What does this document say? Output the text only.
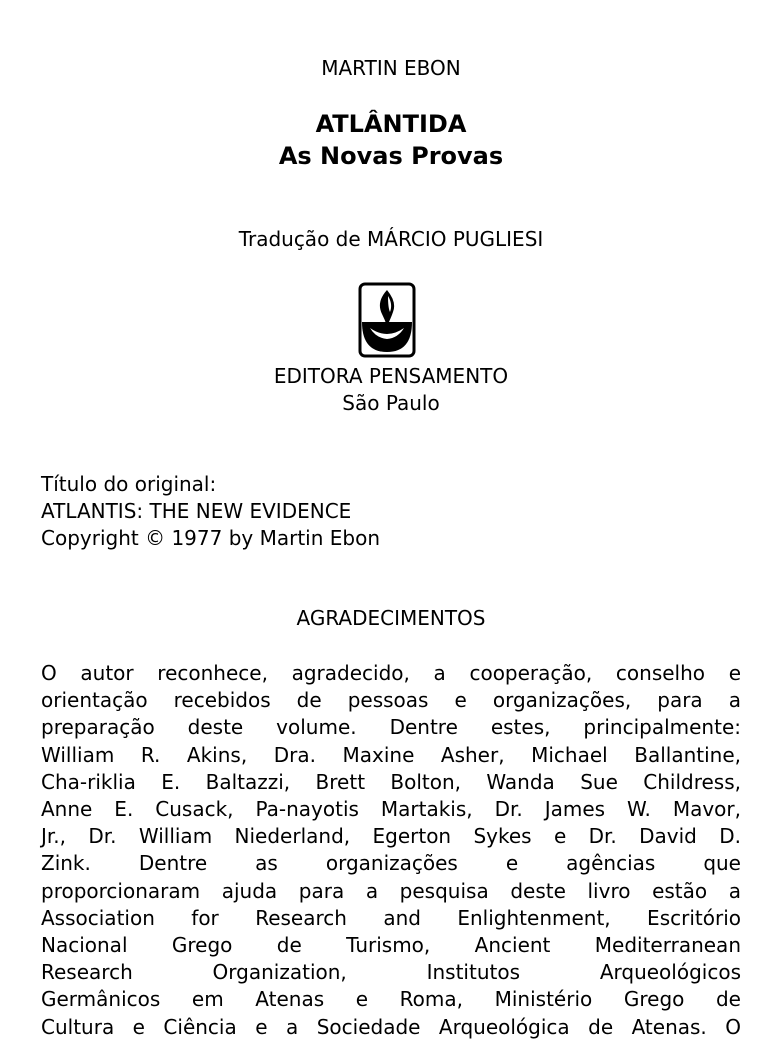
MARTIN EBON
ATLÂNTIDA
As Novas Provas
Tradução de MÁRCIO PUGLIESI
EDITORA PENSAMENTO
São Paulo
Título do original:
ATLANTIS: THE NEW EVIDENCE
Copyright © 1977 by Martin Ebon
AGRADECIMENTOS
O autor reconhece, agradecido, a cooperação, conselho e
orientação recebidos de pessoas e organizações, para a
preparação deste volume. Dentre estes, principalmente:
William R. Akins, Dra. Maxine Asher, Michael Ballantine,
Cha-riklia E. Baltazzi, Brett Bolton, Wanda Sue Childress,
Anne E. Cusack, Pa-nayotis Martakis, Dr. James W. Mavor,
Jr., Dr. William Niederland, Egerton Sykes e Dr. David D.
Zink. Dentre as organizações e agências que
proporcionaram ajuda para a pesquisa deste livro estão a
Association for Research and Enlightenment, Escritório
Nacional Grego de Turismo, Ancient Mediterranean
Research Organization, Institutos Arqueológicos
Germânicos em Atenas e Roma, Ministério Grego de
Cultura e Ciência e a Sociedade Arqueológica de Atenas. O
